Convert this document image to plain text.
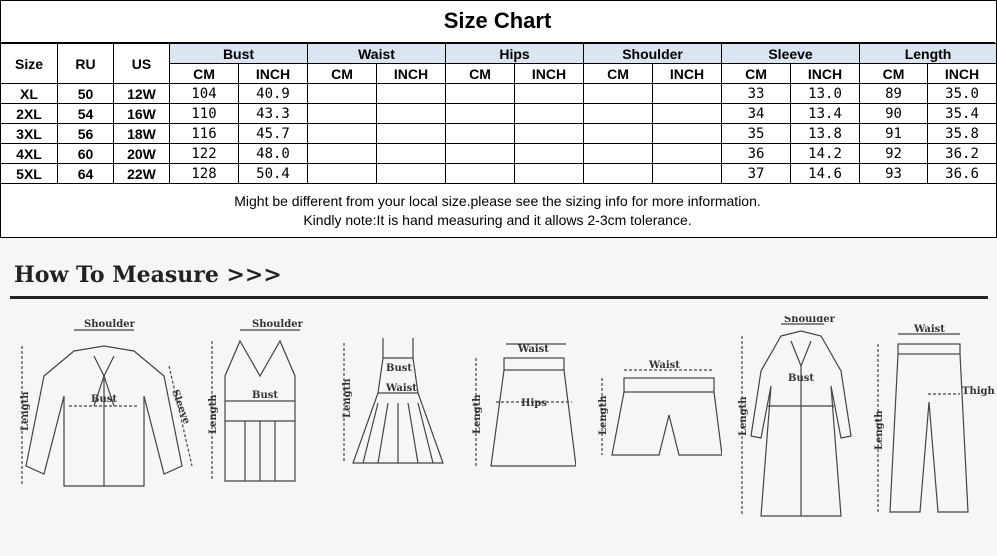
Size Chart
Size	RU	US	Bust		Waist		Hips		Shoulder		Sleeve		Length	
			CM	INCH	CM	INCH	CM	INCH	CM	INCH	CM	INCH	CM	INCH
XL	50	12W	104	40.9							33	13.0	89	35.0
2XL	54	16W	110	43.3							34	13.4	90	35.4
3XL	56	18W	116	45.7							35	13.8	91	35.8
4XL	60	20W	122	48.0							36	14.2	92	36.2
5XL	64	22W	128	50.4							37	14.6	93	36.6
Might be different from your local size.please see the sizing info for more information.
Kindly note:It is hand measuring and it allows 2-3cm tolerance.
How To Measure >>>
Shoulder
Bust
Length	Sleeve
Shoulder
Bust
Length
Bust
Waist
Length
Waist
Hips
Length
Waist
Length
Shoulder
Bust
Length
Waist
Thigh
Length
